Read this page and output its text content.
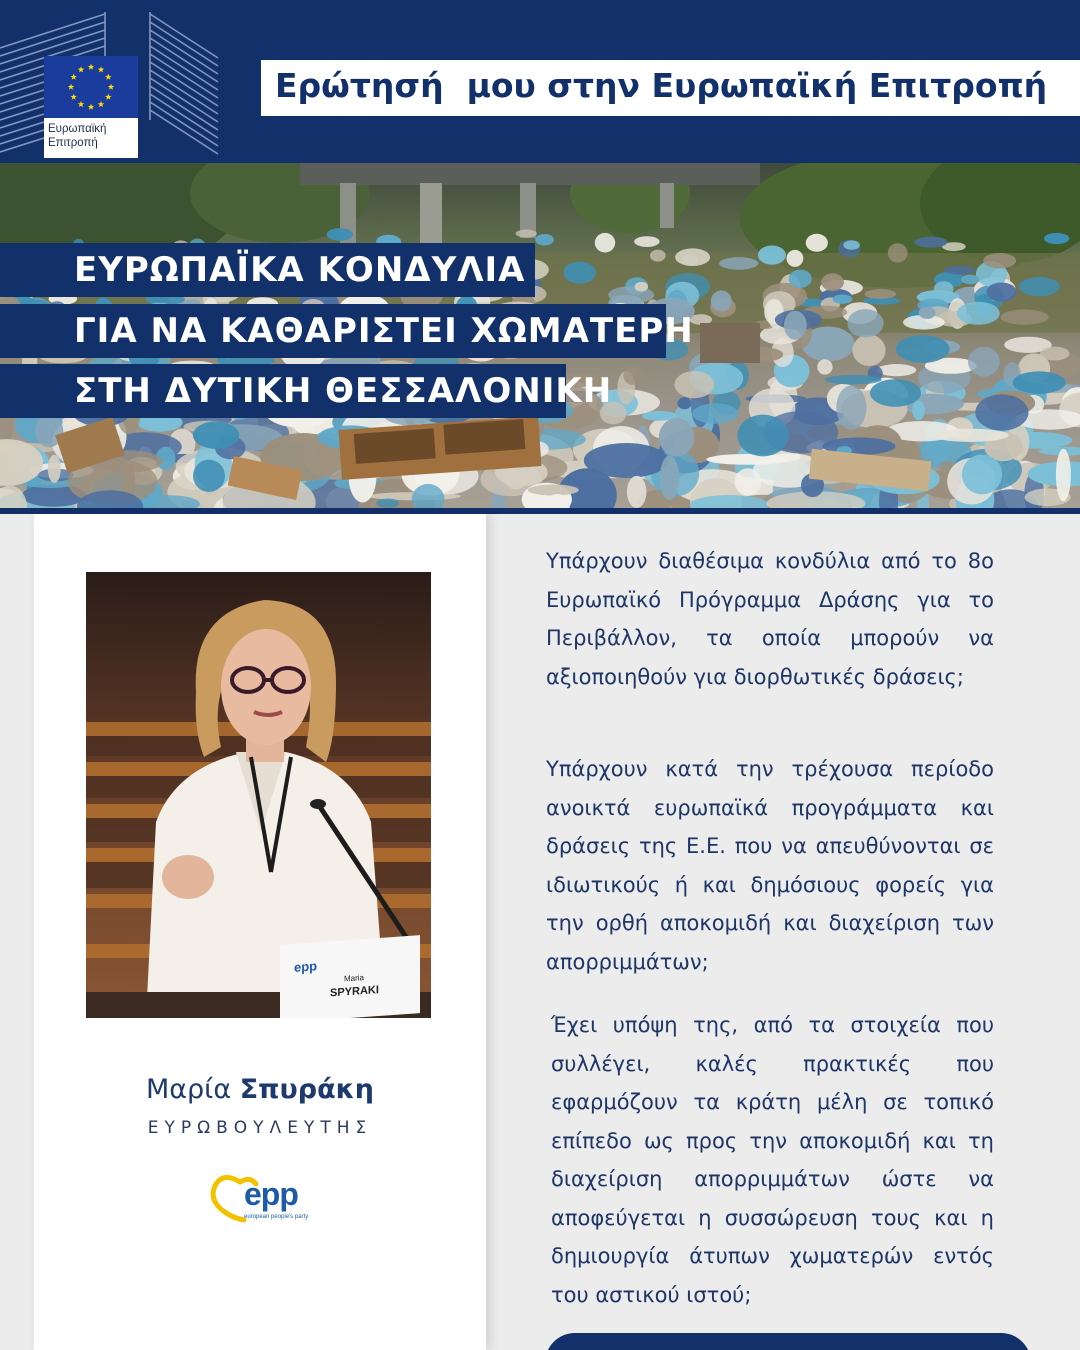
Ευρωπαϊκή
Επιτροπή
Ερώτησή  μου στην Ευρωπαϊκή Επιτροπή
ΕΥΡΩΠΑΪΚΑ ΚΟΝΔΥΛΙΑ
ΓΙΑ ΝΑ ΚΑΘΑΡΙΣΤΕΙ ΧΩΜΑΤΕΡΗ
ΣΤΗ ΔΥΤΙΚΗ ΘΕΣΣΑΛΟΝΙΚΗ
epp
Maria
SPYRAKI
Μαρία Σπυράκη
ΕΥΡΩΒΟΥΛΕΥΤΗΣ
epp
european people's party
Υπάρχουν διαθέσιμα κονδύλια από το 8ο Ευρωπαϊκό Πρόγραμμα Δράσης για το Περιβάλλον, τα οποία μπορούν να αξιοποιηθούν για διορθωτικές δράσεις;
Υπάρχουν κατά την τρέχουσα περίοδο ανοικτά ευρωπαϊκά προγράμματα και δράσεις της Ε.Ε. που να απευθύνονται σε ιδιωτικούς ή και δημόσιους φορείς για την ορθή αποκομιδή και διαχείριση των απορριμμάτων;
Έχει υπόψη της, από τα στοιχεία που συλλέγει, καλές πρακτικές που εφαρμόζουν τα κράτη μέλη σε τοπικό επίπεδο ως προς την αποκομιδή και τη διαχείριση απορριμμάτων ώστε να αποφεύγεται η συσσώρευση τους και η δημιουργία άτυπων χωματερών εντός του αστικού ιστού;
